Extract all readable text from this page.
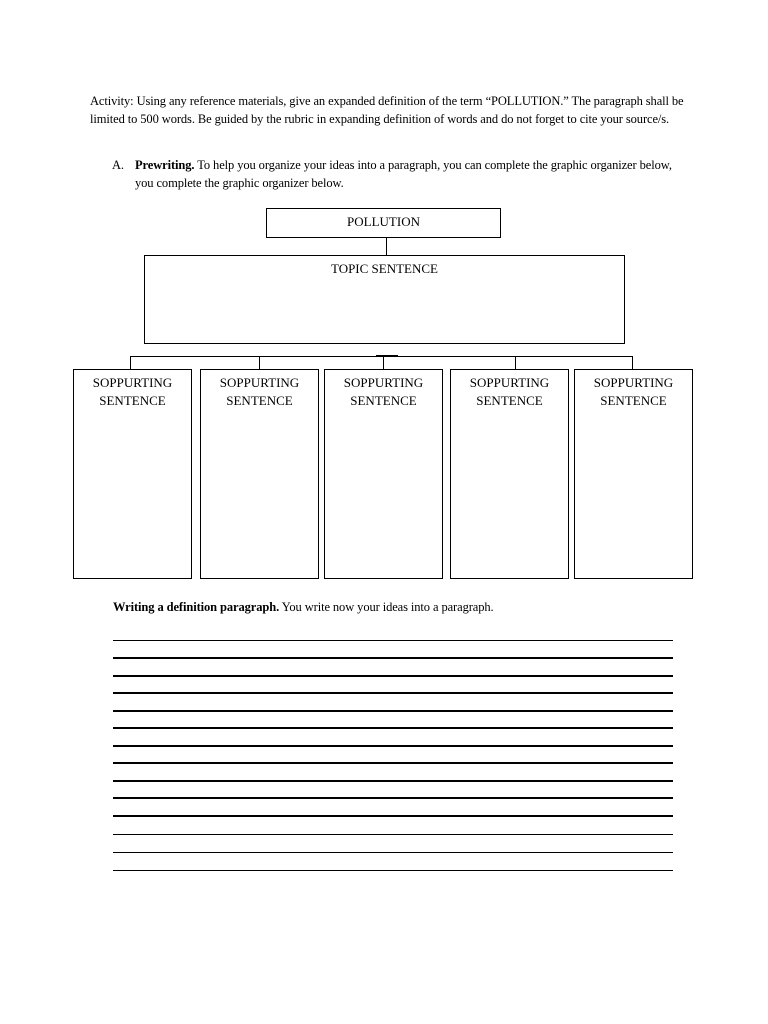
Activity: Using any reference materials, give an expanded definition of the term “POLLUTION.” The paragraph shall be limited to 500 words. Be guided by the rubric in expanding definition of words and do not forget to cite your source/s.
A. Prewriting. To help you organize your ideas into a paragraph, you can complete the graphic organizer below, you complete the graphic organizer below.
POLLUTION
TOPIC SENTENCE
SOPPURTING
SENTENCE
SOPPURTING
SENTENCE
SOPPURTING
SENTENCE
SOPPURTING
SENTENCE
SOPPURTING
SENTENCE
Writing a definition paragraph. You write now your ideas into a paragraph.
